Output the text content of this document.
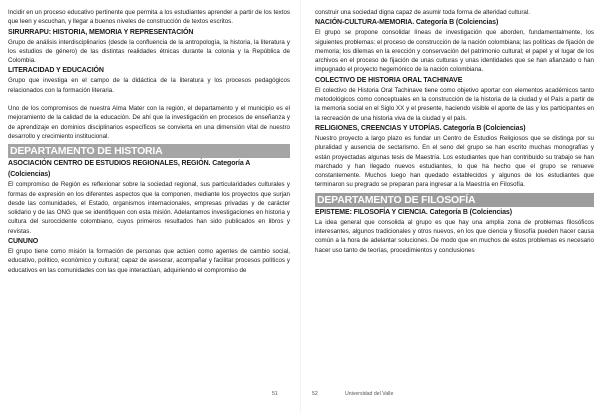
Incidir en un proceso educativo pertinente que permita a los estudiantes aprender a partir de los textos que leen y escuchan, y llegar a buenos niveles de construcción de textos escritos.

SIRURRAPU: HISTORIA, MEMORIA Y REPRESENTACIÓN

Grupo de análisis interdisciplinarios (desde la confluencia de la antropología, la historia, la literatura y los estudios de género) de las distintas realidades étnicas durante la colonia y la República de Colombia.

LITERACIDAD Y EDUCACIÓN

Grupo que investiga en el campo de la didáctica de la literatura y los procesos pedagógicos relacionados con la formación literaria.

Uno de los compromisos de nuestra Alma Mater con la región, el departamento y el municipio es el mejoramiento de la calidad de la educación. De ahí que la investigación en procesos de enseñanza y de aprendizaje en dominios disciplinarios específicos se convierta en una dimensión vital de nuestro desarrollo y crecimiento institucional.

DEPARTAMENTO DE HISTORIA
ASOCIACIÓN CENTRO DE ESTUDIOS REGIONALES, REGIÓN. Categoría A (Colciencias)

El compromiso de Región es reflexionar sobre la sociedad regional, sus particularidades culturales y formas de expresión en los diferentes aspectos que la componen, mediante los proyectos que surjan desde las comunidades, el Estado, organismos internacionales, empresas privadas y de carácter solidario y de las ONG que se identifiquen con esta misión. Adelantamos investigaciones en historia y cultura del suroccidente colombiano, cuyos primeros resultados han sido publicados en libros y revistas.

CUNUNO

El grupo tiene como misión la formación de personas que actúen como agentes de cambio social, educativo, político, económico y cultural; capaz de asesorar, acompañar y facilitar procesos políticos y educativos en las comunidades con las que interactúan, adquiriendo el compromiso de

construir una sociedad digna capaz de asumir toda forma de alteridad cultural.

NACIÓN-CULTURA-MEMORIA. Categoría B (Colciencias)

El grupo se propone consolidar líneas de investigación que aborden, fundamentalmente, los siguientes problemas: el proceso de construcción de la nación colombiana; las políticas de fijación de memoria; los dilemas en la erección y conservación del patrimonio cultural; el papel y el lugar de los archivos en el proceso de fijación de unas culturas y unas identidades que se han afianzado o han impugnado el proyecto hegemónico de la nación colombiana.

COLECTIVO DE HISTORIA ORAL TACHINAVE

El colectivo de Historia Oral Tachinave tiene como objetivo aportar con elementos académicos tanto metodológicos como conceptuales en la construcción de la historia de la ciudad y el País a partir de la memoria social en el Siglo XX y el presente, haciendo visible el aporte de las y los participantes en la recreación de una historia viva de la ciudad y el país.

RELIGIONES, CREENCIAS Y UTOPÍAS. Categoría B (Colciencias)

Nuestro proyecto a largo plazo es fundar un Centro de Estudios Religiosos que se distinga por su pluralidad y ausencia de sectarismo. En el seno del grupo se han escrito muchas monografías y están proyectadas algunas tesis de Maestría. Los estudiantes que han contribuido su trabajo se han marchado y han llegado nuevos estudiantes, lo que ha hecho que el grupo se renueve constantemente. Muchos luego han quedado establecidos y algunos de los estudiantes que terminaron su pregrado se preparan para ingresar a la Maestría en Filosofía.

DEPARTAMENTO DE FILOSOFÍA
EPISTEME: FILOSOFÍA Y CIENCIA. Categoría B (Colciencias)

La idea general que consolida al grupo es que hay una amplia zona de problemas filosóficos interesantes, algunos tradicionales y otros nuevos, en los que ciencia y filosofía pueden hacer causa común a la hora de adelantar soluciones. De modo que en muchos de estos problemas es necesario hacer uso tanto de teorías, procedimientos y conclusiones

51	52	Universidad del Valle
